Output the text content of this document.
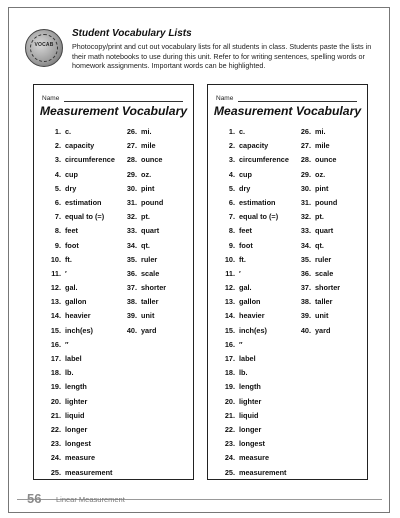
VOCAB
Student Vocabulary Lists
Photocopy/print and cut out vocabulary lists for all students in class. Students paste the lists in their math notebooks to use during this unit. Refer to for writing sentences, spelling words or homework assignments. Important words can be highlighted.
Name
Measurement Vocabulary
1. c.
2. capacity
3. circumference
4. cup
5. dry
6. estimation
7. equal to (=)
8. feet
9. foot
10. ft.
11. ′
12. gal.
13. gallon
14. heavier
15. inch(es)
16. ″
17. label
18. lb.
19. length
20. lighter
21. liquid
22. longer
23. longest
24. measure
25. measurement
26. mi.
27. mile
28. ounce
29. oz.
30. pint
31. pound
32. pt.
33. quart
34. qt.
35. ruler
36. scale
37. shorter
38. taller
39. unit
40. yard
Name
Measurement Vocabulary
1. c.
2. capacity
3. circumference
4. cup
5. dry
6. estimation
7. equal to (=)
8. feet
9. foot
10. ft.
11. ′
12. gal.
13. gallon
14. heavier
15. inch(es)
16. ″
17. label
18. lb.
19. length
20. lighter
21. liquid
22. longer
23. longest
24. measure
25. measurement
26. mi.
27. mile
28. ounce
29. oz.
30. pint
31. pound
32. pt.
33. quart
34. qt.
35. ruler
36. scale
37. shorter
38. taller
39. unit
40. yard
56 Linear Measurement
